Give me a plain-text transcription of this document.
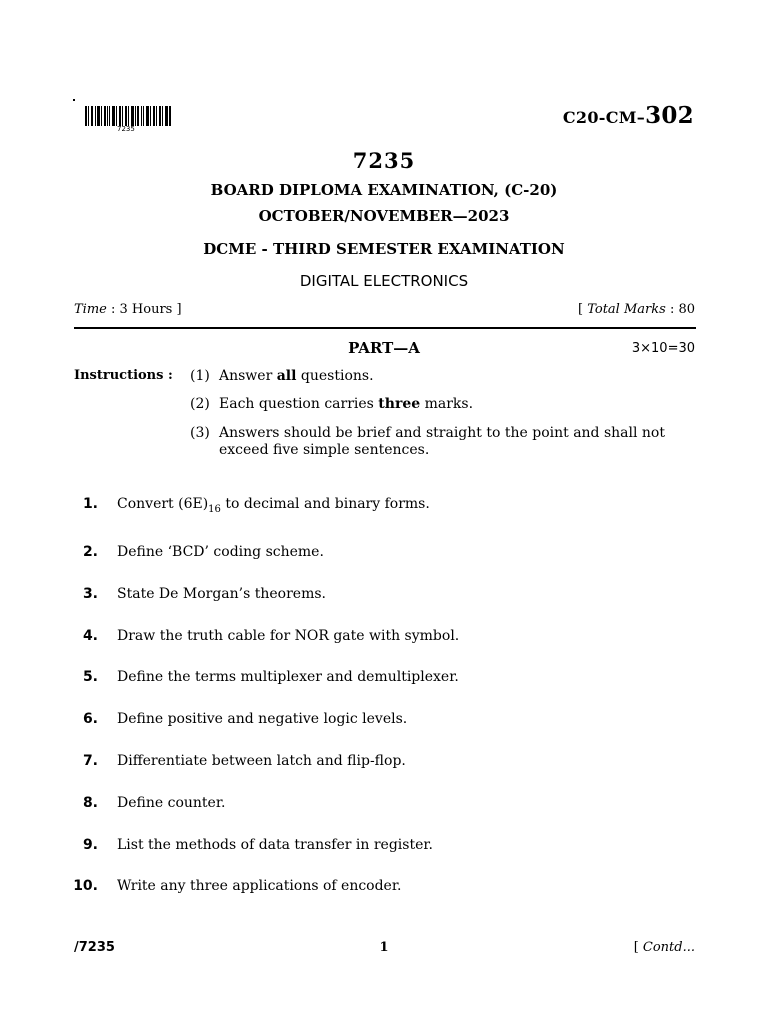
7235
C20-CM–302
7235
BOARD DIPLOMA EXAMINATION, (C-20)
OCTOBER/NOVEMBER—2023
DCME - THIRD SEMESTER EXAMINATION
DIGITAL ELECTRONICS
Time : 3 Hours ]	[ Total Marks : 80
PART—A	3×10=30
Instructions : (1) Answer all questions.
(2) Each question carries three marks.
(3) Answers should be brief and straight to the point and shall not exceed five simple sentences.
1. Convert $(6E)_{16}$ to decimal and binary forms.
2. Define ‘BCD’ coding scheme.
3. State De Morgan’s theorems.
4. Draw the truth cable for NOR gate with symbol.
5. Define the terms multiplexer and demultiplexer.
6. Define positive and negative logic levels.
7. Differentiate between latch and flip-flop.
8. Define counter.
9. List the methods of data transfer in register.
10. Write any three applications of encoder.
/7235	1	[ Contd...
